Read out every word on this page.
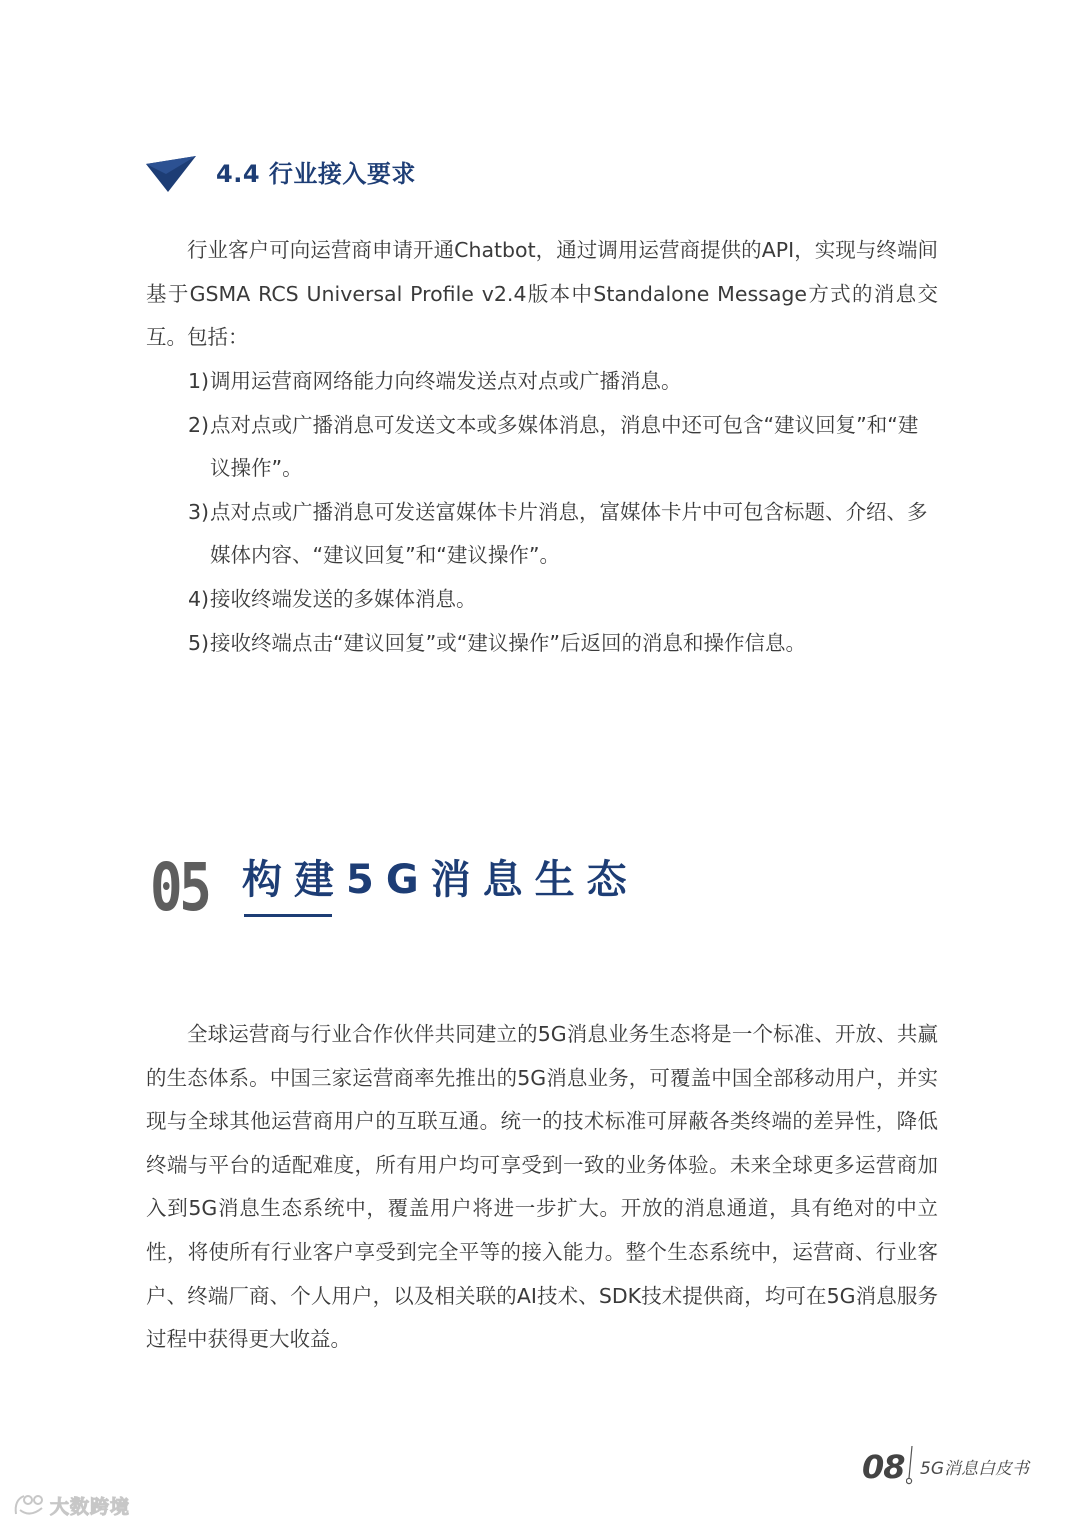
4.4 行业接入要求

行业客户可向运营商申请开通Chatbot，通过调用运营商提供的API，实现与终端间基于GSMA RCS Universal Profile v2.4版本中Standalone Message方式的消息交互。包括：

1) 调用运营商网络能力向终端发送点对点或广播消息。
2) 点对点或广播消息可发送文本或多媒体消息，消息中还可包含“建议回复”和“建议操作”。
3) 点对点或广播消息可发送富媒体卡片消息，富媒体卡片中可包含标题、介绍、多媒体内容、“建议回复”和“建议操作”。
4) 接收终端发送的多媒体消息。
5) 接收终端点击“建议回复”或“建议操作”后返回的消息和操作信息。
05 构建5G消息生态

全球运营商与行业合作伙伴共同建立的5G消息业务生态将是一个标准、开放、共赢的生态体系。中国三家运营商率先推出的5G消息业务，可覆盖中国全部移动用户，并实现与全球其他运营商用户的互联互通。统一的技术标准可屏蔽各类终端的差异性，降低终端与平台的适配难度，所有用户均可享受到一致的业务体验。未来全球更多运营商加入到5G消息生态系统中，覆盖用户将进一步扩大。开放的消息通道，具有绝对的中立性，将使所有行业客户享受到完全平等的接入能力。整个生态系统中，运营商、行业客户、终端厂商、个人用户，以及相关联的AI技术、SDK技术提供商，均可在5G消息服务过程中获得更大收益。

08 5G消息白皮书
大数跨境
